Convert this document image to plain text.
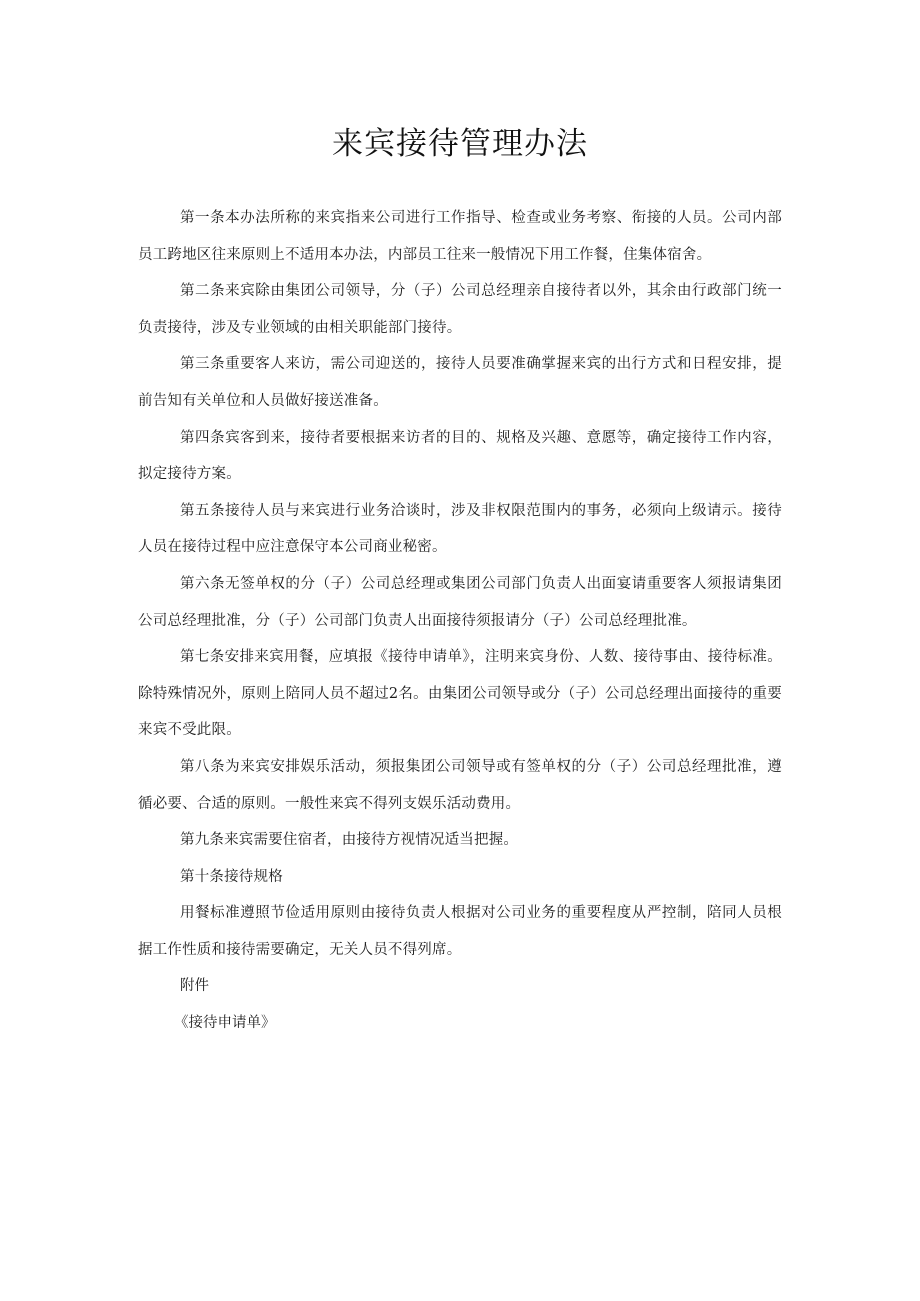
来宾接待管理办法

第一条本办法所称的来宾指来公司进行工作指导、检查或业务考察、衔接的人员。公司内部员工跨地区往来原则上不适用本办法，内部员工往来一般情况下用工作餐，住集体宿舍。

第二条来宾除由集团公司领导，分（子）公司总经理亲自接待者以外，其余由行政部门统一负责接待，涉及专业领域的由相关职能部门接待。

第三条重要客人来访，需公司迎送的，接待人员要准确掌握来宾的出行方式和日程安排，提前告知有关单位和人员做好接送准备。

第四条宾客到来，接待者要根据来访者的目的、规格及兴趣、意愿等，确定接待工作内容，拟定接待方案。

第五条接待人员与来宾进行业务洽谈时，涉及非权限范围内的事务，必须向上级请示。接待人员在接待过程中应注意保守本公司商业秘密。

第六条无签单权的分（子）公司总经理或集团公司部门负责人出面宴请重要客人须报请集团公司总经理批准，分（子）公司部门负责人出面接待须报请分（子）公司总经理批准。

第七条安排来宾用餐，应填报《接待申请单》，注明来宾身份、人数、接待事由、接待标准。除特殊情况外，原则上陪同人员不超过2名。由集团公司领导或分（子）公司总经理出面接待的重要来宾不受此限。

第八条为来宾安排娱乐活动，须报集团公司领导或有签单权的分（子）公司总经理批准，遵循必要、合适的原则。一般性来宾不得列支娱乐活动费用。

第九条来宾需要住宿者，由接待方视情况适当把握。

第十条接待规格

用餐标准遵照节俭适用原则由接待负责人根据对公司业务的重要程度从严控制，陪同人员根据工作性质和接待需要确定，无关人员不得列席。

附件

《接待申请单》
